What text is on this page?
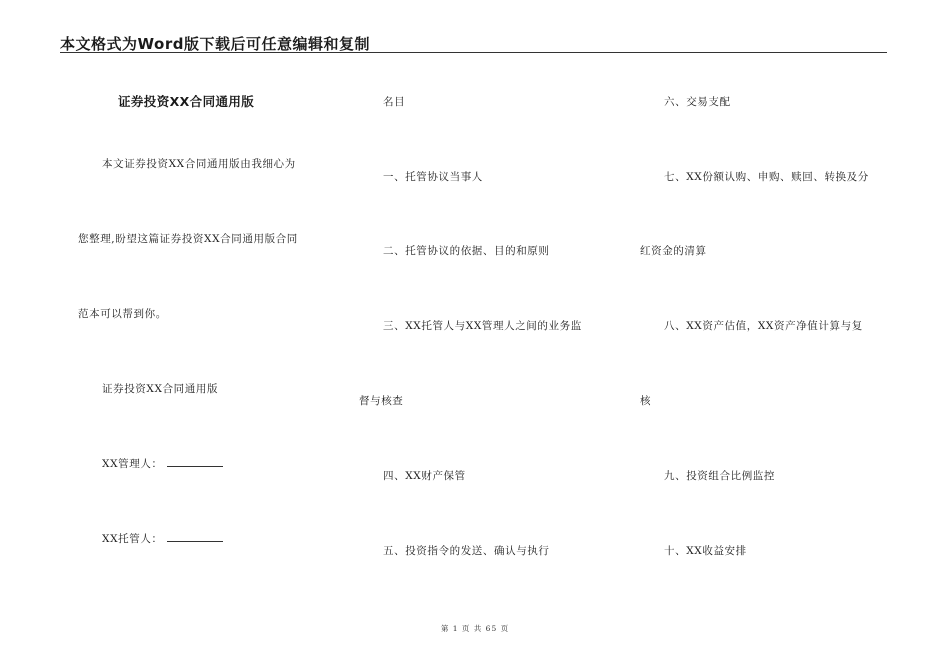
本文格式为Word版下载后可任意编辑和复制
证券投资XX合同通用版
本文证券投资XX合同通用版由我细心为
您整理,盼望这篇证券投资XX合同通用版合同
范本可以帮到你。
证券投资XX合同通用版
XX管理人：
XX托管人：
名目
一、托管协议当事人
二、托管协议的依据、目的和原则
三、XX托管人与XX管理人之间的业务监
督与核查
四、XX财产保管
五、投资指令的发送、确认与执行
六、交易支配
七、XX份额认购、申购、赎回、转换及分
红资金的清算
八、XX资产估值，XX资产净值计算与复
核
九、投资组合比例监控
十、XX收益安排
第 1 页 共 65 页
